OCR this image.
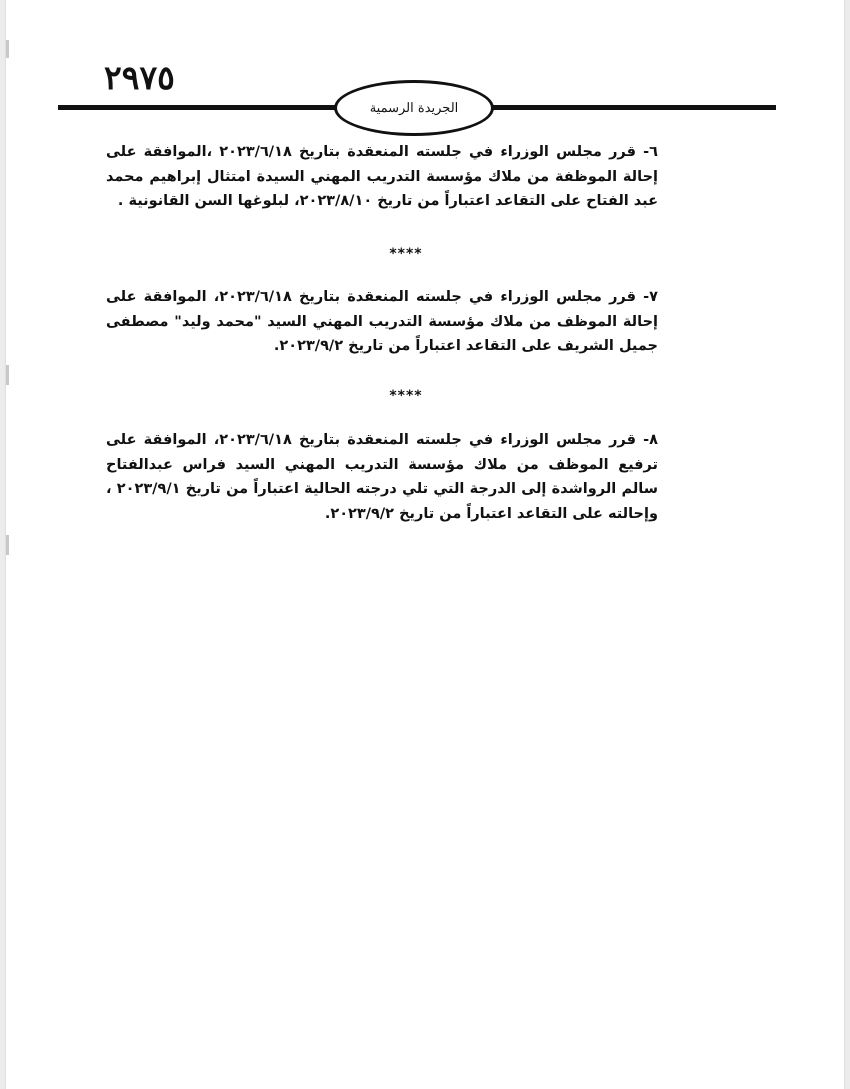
٢٩٧٥
الجريدة الرسمية

٦- قرر مجلس الوزراء في جلسته المنعقدة بتاريخ ٢٠٢٣/٦/١٨ ،الموافقة على إحالة الموظفة من ملاك مؤسسة التدريب المهني السيدة امتثال إبراهيم محمد عبد الفتاح على التقاعد اعتباراً من تاريخ ٢٠٢٣/٨/١٠، لبلوغها السن القانونية .

****

٧- قرر مجلس الوزراء في جلسته المنعقدة بتاريخ ٢٠٢٣/٦/١٨، الموافقة على إحالة الموظف من ملاك مؤسسة التدريب المهني السيد "محمد وليد" مصطفى جميل الشريف على التقاعد اعتباراً من تاريخ ٢٠٢٣/٩/٢.

****

٨- قرر مجلس الوزراء في جلسته المنعقدة بتاريخ ٢٠٢٣/٦/١٨، الموافقة على ترفيع الموظف من ملاك مؤسسة التدريب المهني السيد فراس عبدالفتاح سالم الرواشدة إلى الدرجة التي تلي درجته الحالية اعتباراً من تاريخ ٢٠٢٣/٩/١ ، وإحالته على التقاعد اعتباراً من تاريخ ٢٠٢٣/٩/٢.
